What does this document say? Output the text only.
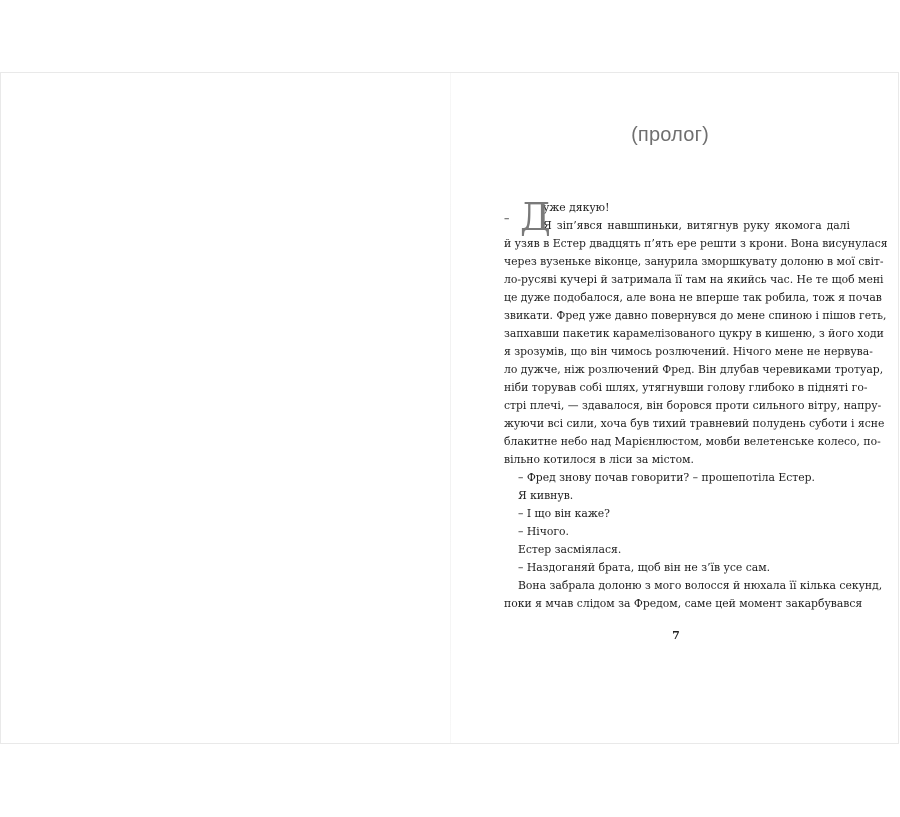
(пролог)
– Д
уже дякую!
Я зіп’явся навшпиньки, витягнув руку якомога далі
й узяв в Естер двадцять п’ять ере решти з крони. Вона висунулася
через вузеньке віконце, занурила зморшкувату долоню в мої світ-
ло-русяві кучері й затримала її там на якийсь час. Не те щоб мені
це дуже подобалося, але вона не вперше так робила, тож я почав
звикати. Фред уже давно повернувся до мене спиною і пішов геть,
запхавши пакетик карамелізованого цукру в кишеню, з його ходи
я зрозумів, що він чимось розлючений. Нічого мене не нервува-
ло дужче, ніж розлючений Фред. Він длубав черевиками тротуар,
ніби торував собі шлях, утягнувши голову глибоко в підняті го-
стрі плечі, — здавалося, він боровся проти сильного вітру, напру-
жуючи всі сили, хоча був тихий травневий полудень суботи і ясне
блакитне небо над Марієнлюстом, мовби велетенське колесо, по-
вільно котилося в ліси за містом.
– Фред знову почав говорити? – прошепотіла Естер.
Я кивнув.
– І що він каже?
– Нічого.
Естер засміялася.
– Наздоганяй брата, щоб він не з’їв усе сам.
Вона забрала долоню з мого волосся й нюхала її кілька секунд,
поки я мчав слідом за Фредом, саме цей момент закарбувався
7
